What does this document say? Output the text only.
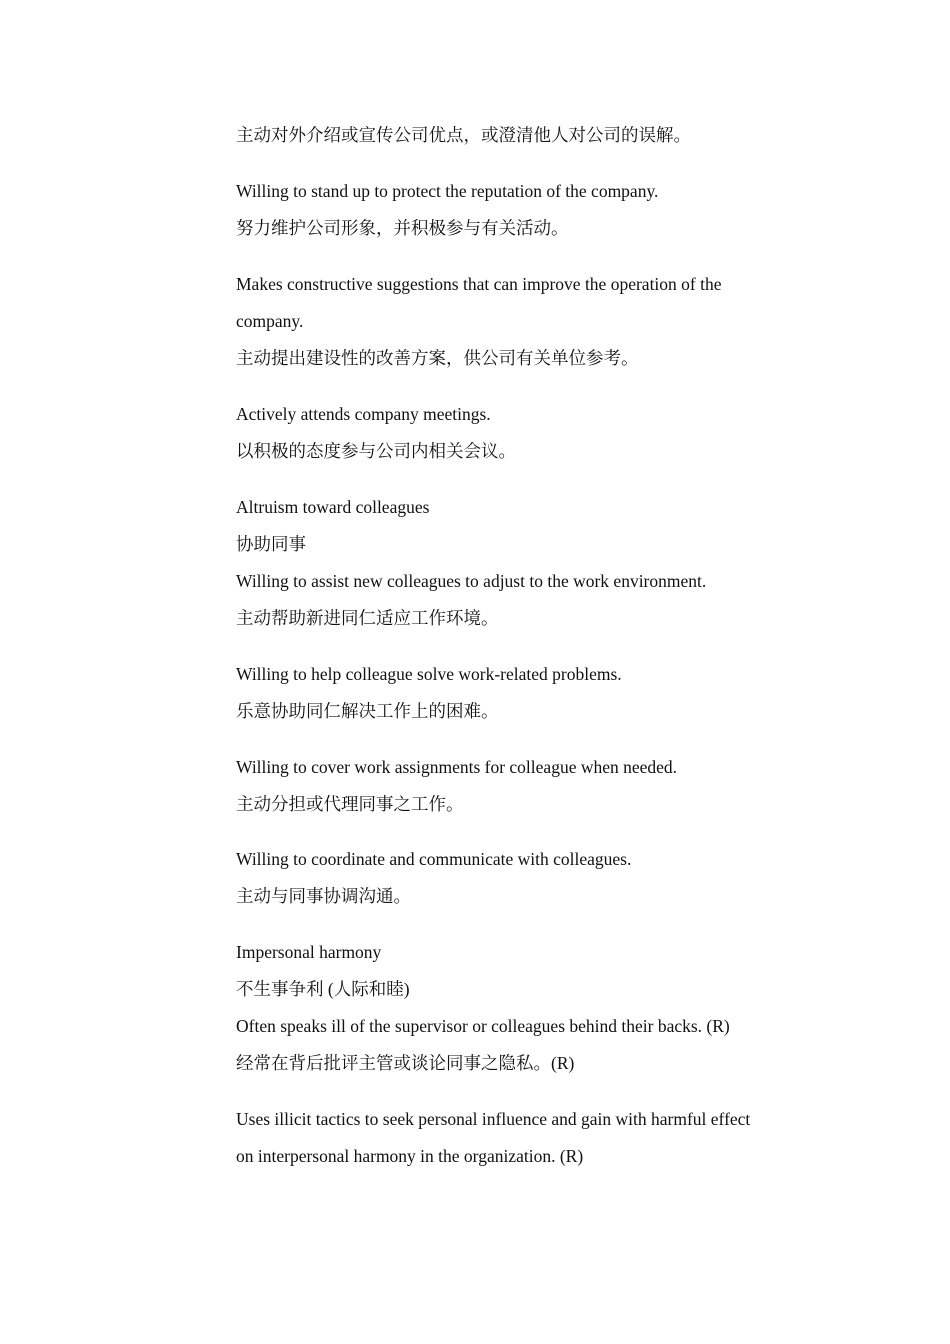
主动对外介绍或宣传公司优点，或澄清他人对公司的误解。

Willing to stand up to protect the reputation of the company.

努力维护公司形象，并积极参与有关活动。

Makes constructive suggestions that can improve the operation of the

company.

主动提出建设性的改善方案，供公司有关单位参考。

Actively attends company meetings.

以积极的态度参与公司内相关会议。

Altruism toward colleagues

协助同事

Willing to assist new colleagues to adjust to the work environment.

主动帮助新进同仁适应工作环境。

Willing to help colleague solve work-related problems.

乐意协助同仁解决工作上的困难。

Willing to cover work assignments for colleague when needed.

主动分担或代理同事之工作。

Willing to coordinate and communicate with colleagues.

主动与同事协调沟通。

Impersonal harmony

不生事争利 (人际和睦)

Often speaks ill of the supervisor or colleagues behind their backs. (R)

经常在背后批评主管或谈论同事之隐私。(R)

Uses illicit tactics to seek personal influence and gain with harmful effect

on interpersonal harmony in the organization. (R)
